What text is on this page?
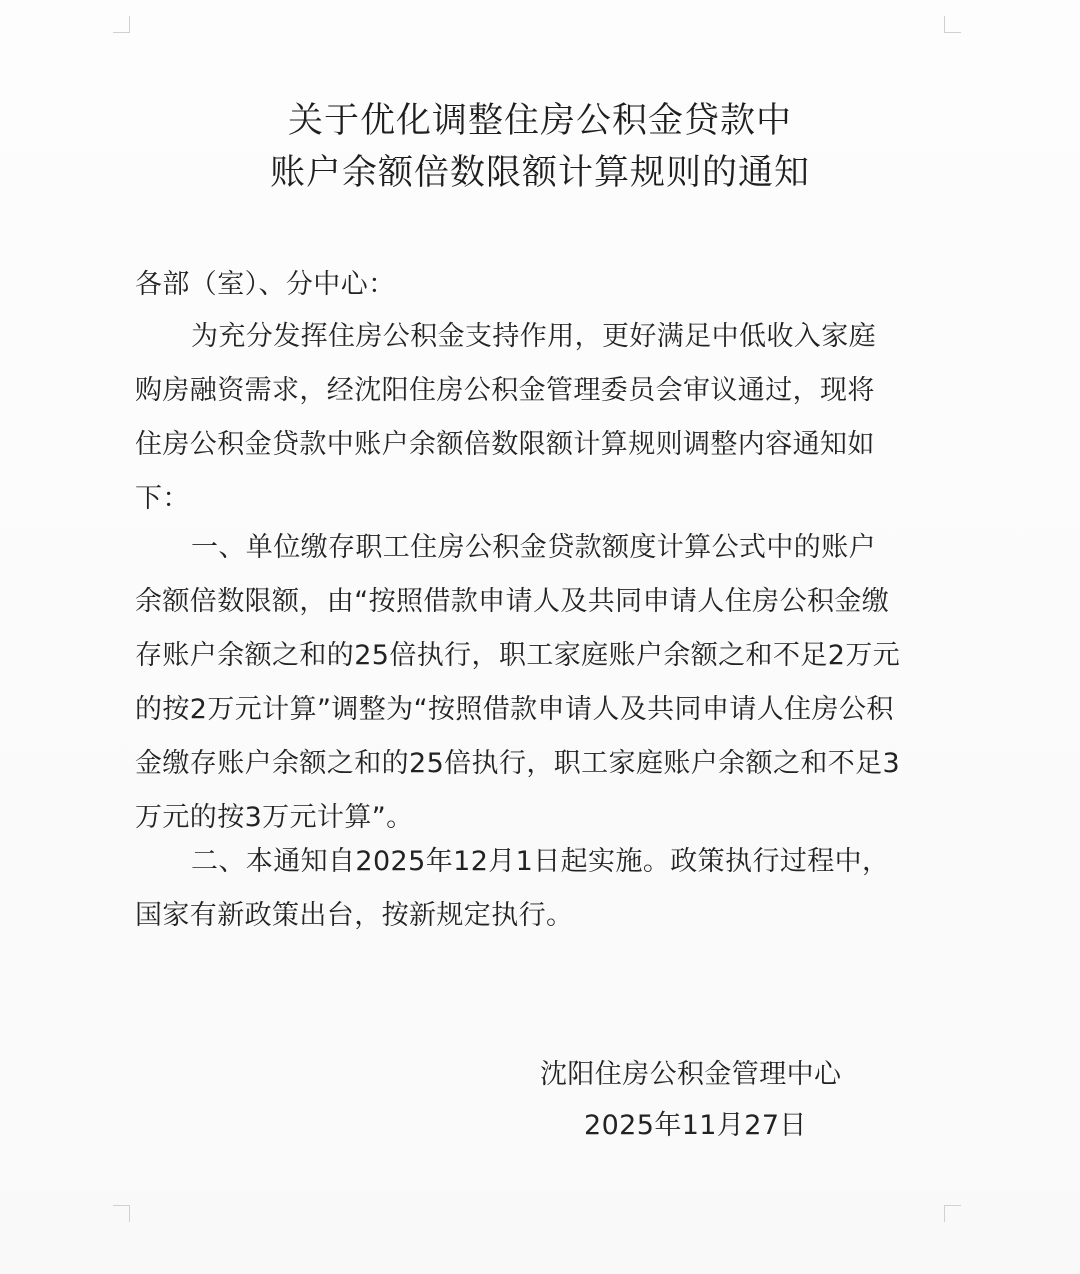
关于优化调整住房公积金贷款中
账户余额倍数限额计算规则的通知
各部（室）、分中心：
为充分发挥住房公积金支持作用，更好满足中低收入家庭
购房融资需求，经沈阳住房公积金管理委员会审议通过，现将
住房公积金贷款中账户余额倍数限额计算规则调整内容通知如
下：
一、单位缴存职工住房公积金贷款额度计算公式中的账户
余额倍数限额，由“按照借款申请人及共同申请人住房公积金缴
存账户余额之和的25倍执行，职工家庭账户余额之和不足2万元
的按2万元计算”调整为“按照借款申请人及共同申请人住房公积
金缴存账户余额之和的25倍执行，职工家庭账户余额之和不足3
万元的按3万元计算”。
二、本通知自2025年12月1日起实施。政策执行过程中，
国家有新政策出台，按新规定执行。
沈阳住房公积金管理中心
2025年11月27日
